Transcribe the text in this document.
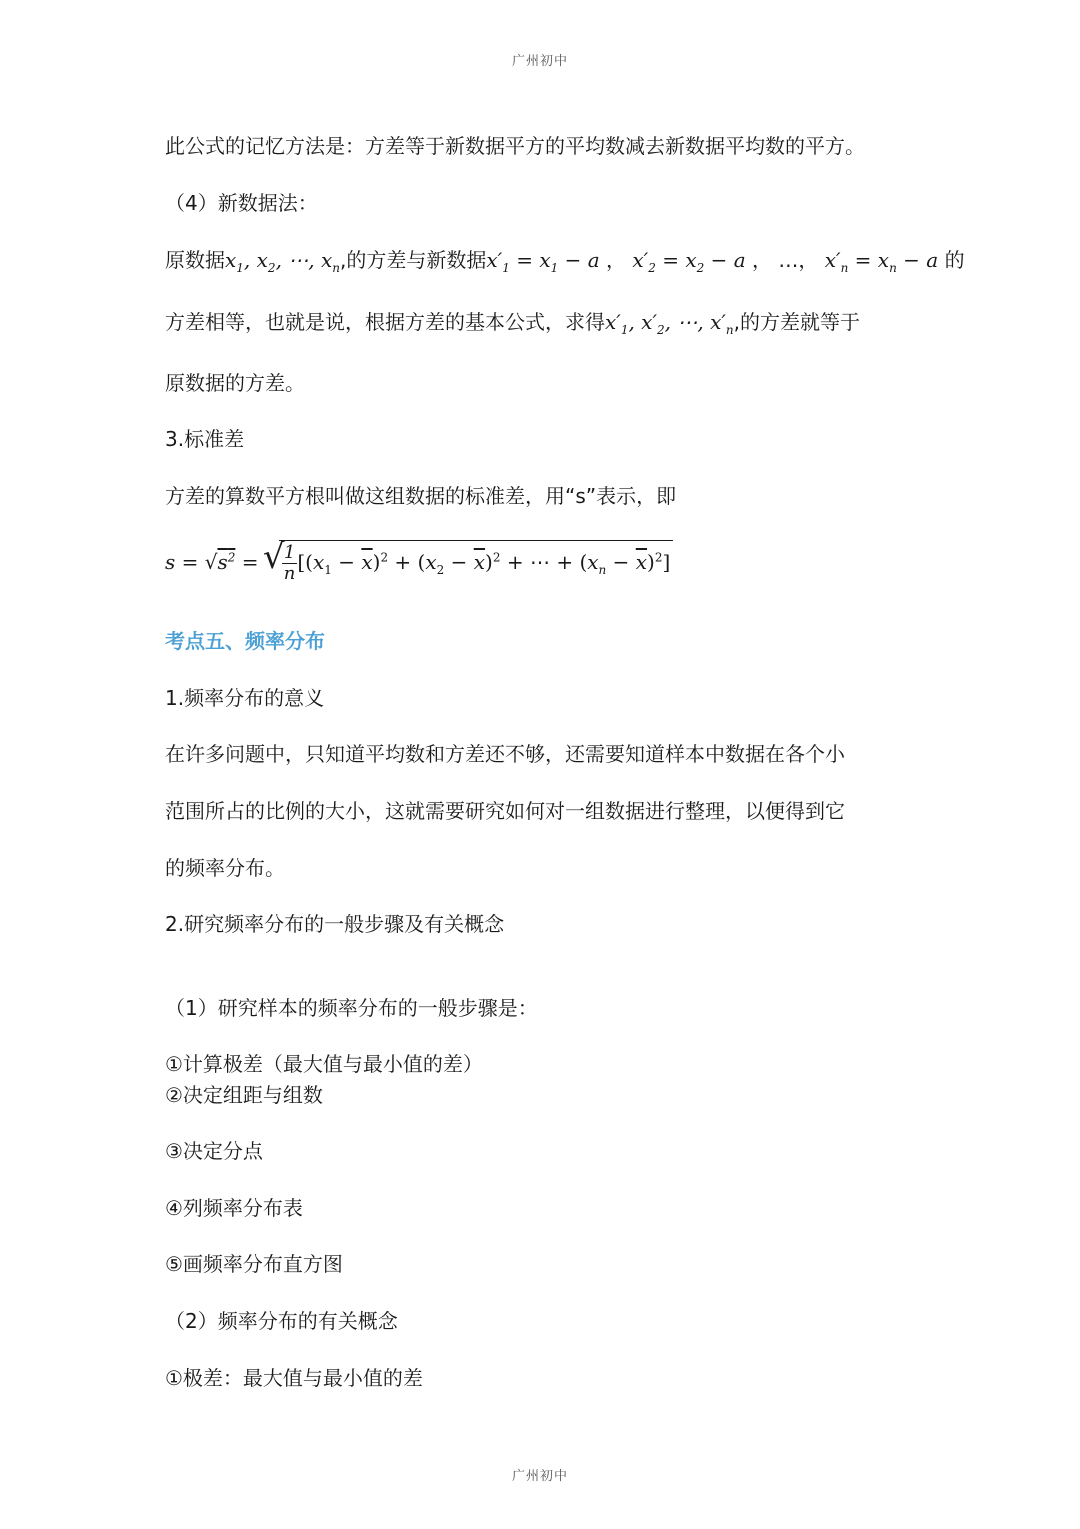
广州初中
此公式的记忆方法是：方差等于新数据平方的平均数减去新数据平均数的平方。
（4）新数据法：
原数据$x_1$, $x_2$, ⋯, $x_n$,的方差与新数据$x'_1 = x_1 - a$ ， $x'_2 = x_2 - a$ ， …， $x'_n = x_n - a$ 的
方差相等，也就是说，根据方差的基本公式，求得$x'_1$, $x'_2$, ⋯, $x'_n$,的方差就等于
原数据的方差。
3.标准差
方差的算数平方根叫做这组数据的标准差，用“s”表示，即
$s = √s^2$ =
√
$\frac{1}{n} [(x_1 - \overline{x})^2 + (x_2 - \overline{x})^2$ + ⋯ + $(x_n - \overline{x})^2$]
考点五、频率分布
1.频率分布的意义
在许多问题中，只知道平均数和方差还不够，还需要知道样本中数据在各个小
范围所占的比例的大小，这就需要研究如何对一组数据进行整理，以便得到它
的频率分布。
2.研究频率分布的一般步骤及有关概念
（1）研究样本的频率分布的一般步骤是：
①计算极差（最大值与最小值的差）
②决定组距与组数
③决定分点
④列频率分布表
⑤画频率分布直方图
（2）频率分布的有关概念
①极差：最大值与最小值的差
广州初中
